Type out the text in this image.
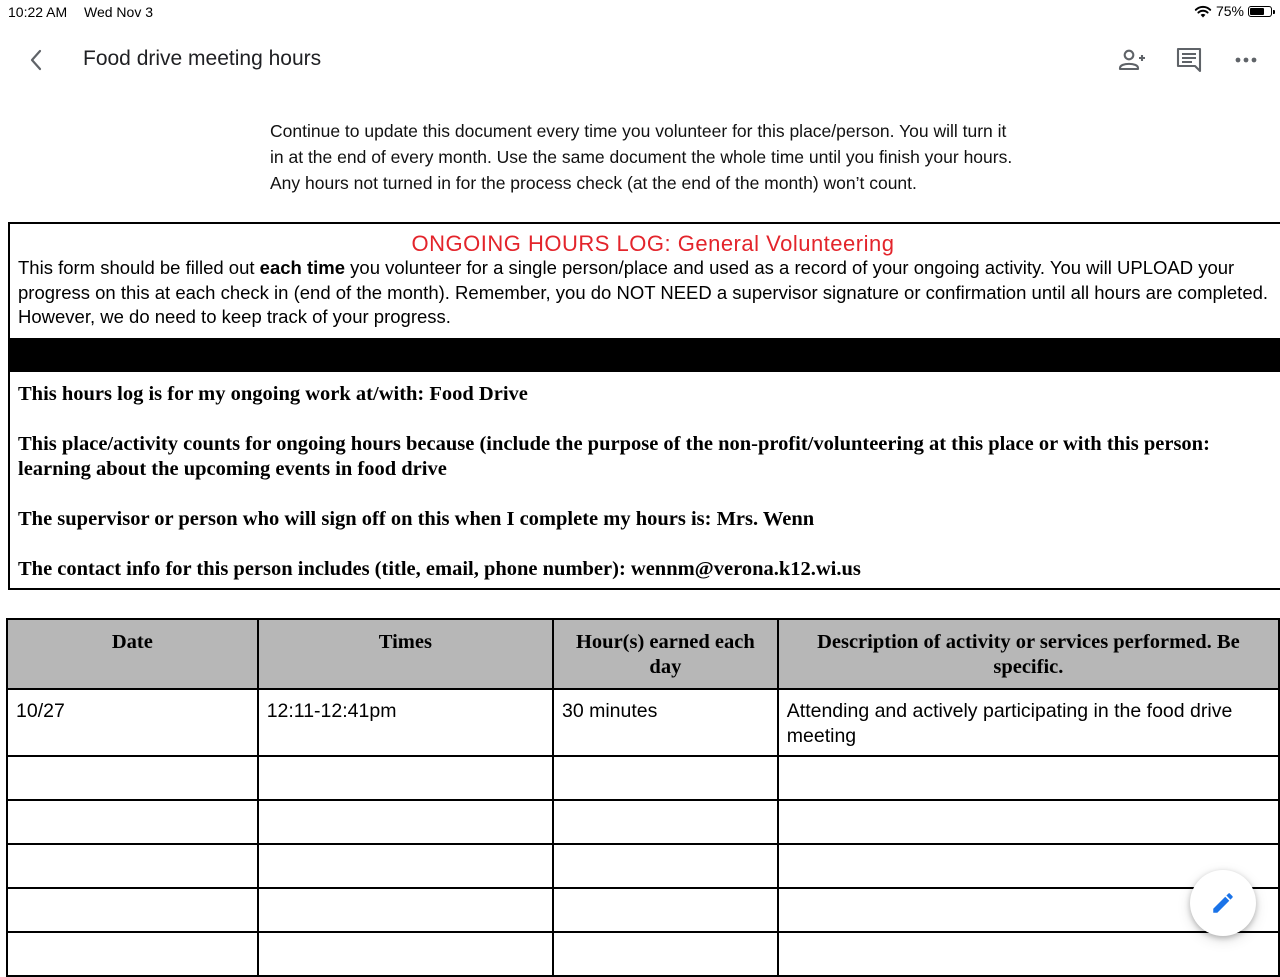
10:22 AM Wed Nov 3	75%
Food drive meeting hours
Continue to update this document every time you volunteer for this place/person. You will turn it in at the end of every month. Use the same document the whole time until you finish your hours. Any hours not turned in for the process check (at the end of the month) won’t count.
ONGOING HOURS LOG: General Volunteering
This form should be filled out each time you volunteer for a single person/place and used as a record of your ongoing activity. You will UPLOAD your progress on this at each check in (end of the month). Remember, you do NOT NEED a supervisor signature or confirmation until all hours are completed. However, we do need to keep track of your progress.

This hours log is for my ongoing work at/with: Food Drive

This place/activity counts for ongoing hours because (include the purpose of the non-profit/volunteering at this place or with this person: learning about the upcoming events in food drive

The supervisor or person who will sign off on this when I complete my hours is: Mrs. Wenn

The contact info for this person includes (title, email, phone number): wennm@verona.k12.wi.us

Date	Times	Hour(s) earned each day	Description of activity or services performed. Be specific.
10/27	12:11-12:41pm	30 minutes	Attending and actively participating in the food drive meeting
